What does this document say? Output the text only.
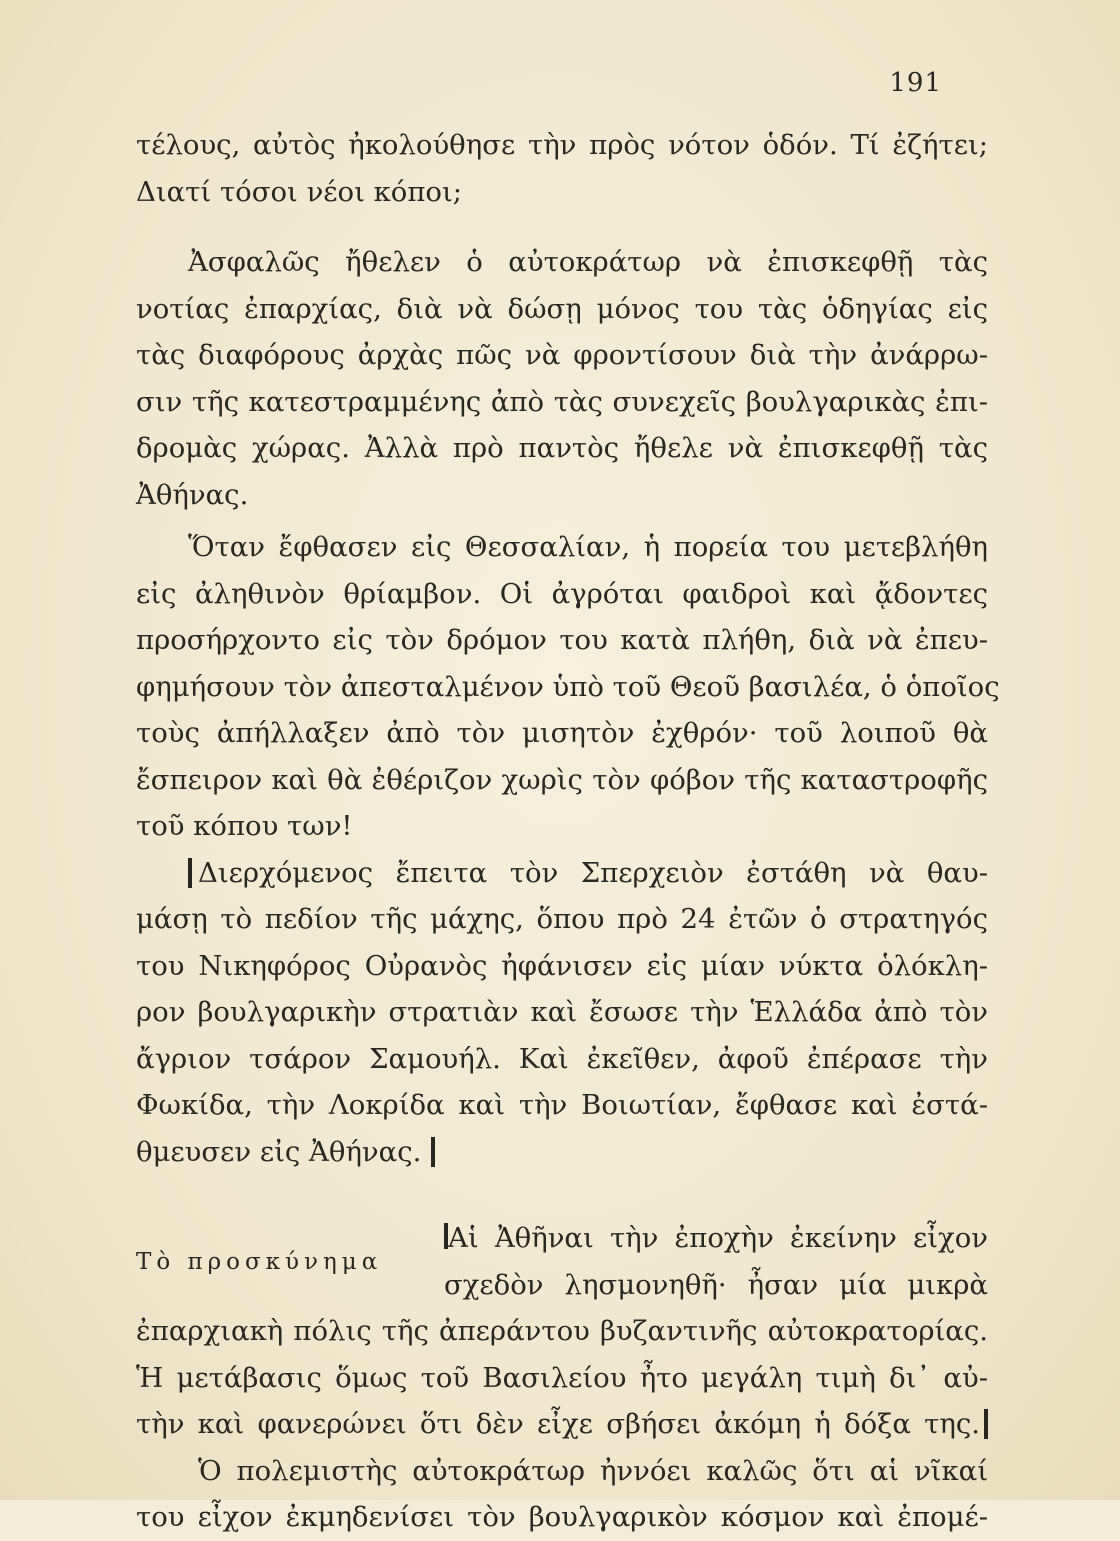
191
τέλους, αὐτὸς ἠκολούθησε τὴν πρὸς νότον ὁδόν. Τί ἐζήτει;
Διατί τόσοι νέοι κόποι;
Ἀσφαλῶς ἤθελεν ὁ αὐτοκράτωρ νὰ ἐπισκεφθῇ τὰς
νοτίας ἐπαρχίας, διὰ νὰ δώσῃ μόνος του τὰς ὁδηγίας εἰς
τὰς διαφόρους ἀρχὰς πῶς νὰ φροντίσουν διὰ τὴν ἀνάρρω-
σιν τῆς κατεστραμμένης ἀπὸ τὰς συνεχεῖς βουλγαρικὰς ἐπι-
δρομὰς χώρας. Ἀλλὰ πρὸ παντὸς ἤθελε νὰ ἐπισκεφθῇ τὰς
Ἀθήνας.
Ὅταν ἔφθασεν εἰς Θεσσαλίαν, ἡ πορεία του μετεβλήθη
εἰς ἀληθινὸν θρίαμβον. Οἱ ἀγρόται φαιδροὶ καὶ ᾄδοντες
προσήρχοντο εἰς τὸν δρόμον του κατὰ πλήθη, διὰ νὰ ἐπευ-
φημήσουν τὸν ἀπεσταλμένον ὑπὸ τοῦ Θεοῦ βασιλέα, ὁ ὁποῖος
τοὺς ἀπήλλαξεν ἀπὸ τὸν μισητὸν ἐχθρόν· τοῦ λοιποῦ θὰ
ἔσπειρον καὶ θὰ ἐθέριζον χωρὶς τὸν φόβον τῆς καταστροφῆς
τοῦ κόπου των!
Διερχόμενος ἔπειτα τὸν Σπερχειὸν ἐστάθη νὰ θαυ-
μάσῃ τὸ πεδίον τῆς μάχης, ὅπου πρὸ 24 ἐτῶν ὁ στρατηγός
του Νικηφόρος Οὐρανὸς ἠφάνισεν εἰς μίαν νύκτα ὁλόκλη-
ρον βουλγαρικὴν στρατιὰν καὶ ἔσωσε τὴν Ἑλλάδα ἀπὸ τὸν
ἄγριον τσάρον Σαμουήλ. Καὶ ἐκεῖθεν, ἀφοῦ ἐπέρασε τὴν
Φωκίδα, τὴν Λοκρίδα καὶ τὴν Βοιωτίαν, ἔφθασε καὶ ἐστά-
θμευσεν εἰς Ἀθήνας.
Τὸ προσκύνημα
Αἱ Ἀθῆναι τὴν ἐποχὴν ἐκείνην εἶχον
σχεδὸν λησμονηθῆ· ἦσαν μία μικρὰ
ἐπαρχιακὴ πόλις τῆς ἀπεράντου βυζαντινῆς αὐτοκρατορίας.
Ἡ μετάβασις ὅμως τοῦ Βασιλείου ἦτο μεγάλη τιμὴ δι᾽ αὐ-
τὴν καὶ φανερώνει ὅτι δὲν εἶχε σβήσει ἀκόμη ἡ δόξα της.
Ὁ πολεμιστὴς αὐτοκράτωρ ἠννόει καλῶς ὅτι αἱ νῖκαί
του εἶχον ἐκμηδενίσει τὸν βουλγαρικὸν κόσμον καὶ ἐπομέ-
